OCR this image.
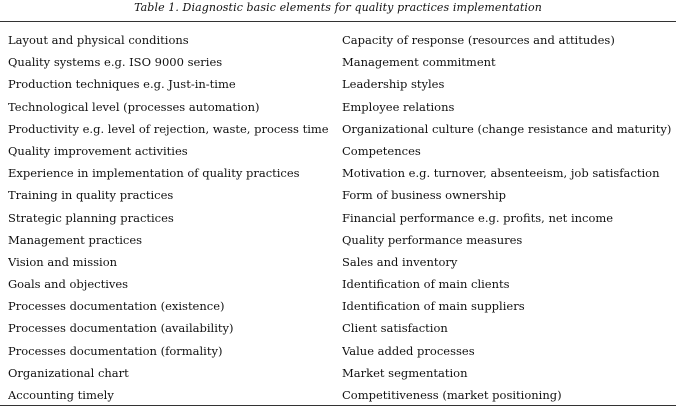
Table 1. Diagnostic basic elements for quality practices implementation
Layout and physical conditions
Quality systems e.g. ISO 9000 series
Production techniques e.g. Just-in-time
Technological level (processes automation)
Productivity e.g. level of rejection, waste, process time
Quality improvement activities
Experience in implementation of quality practices
Training in quality practices
Strategic planning practices
Management practices
Vision and mission
Goals and objectives
Processes documentation (existence)
Processes documentation (availability)
Processes documentation (formality)
Organizational chart
Accounting timely
Capacity of response (resources and attitudes)
Management commitment
Leadership styles
Employee relations
Organizational culture (change resistance and maturity)
Competences
Motivation e.g. turnover, absenteeism, job satisfaction
Form of business ownership
Financial performance e.g. profits, net income
Quality performance measures
Sales and inventory
Identification of main clients
Identification of main suppliers
Client satisfaction
Value added processes
Market segmentation
Competitiveness (market positioning)
